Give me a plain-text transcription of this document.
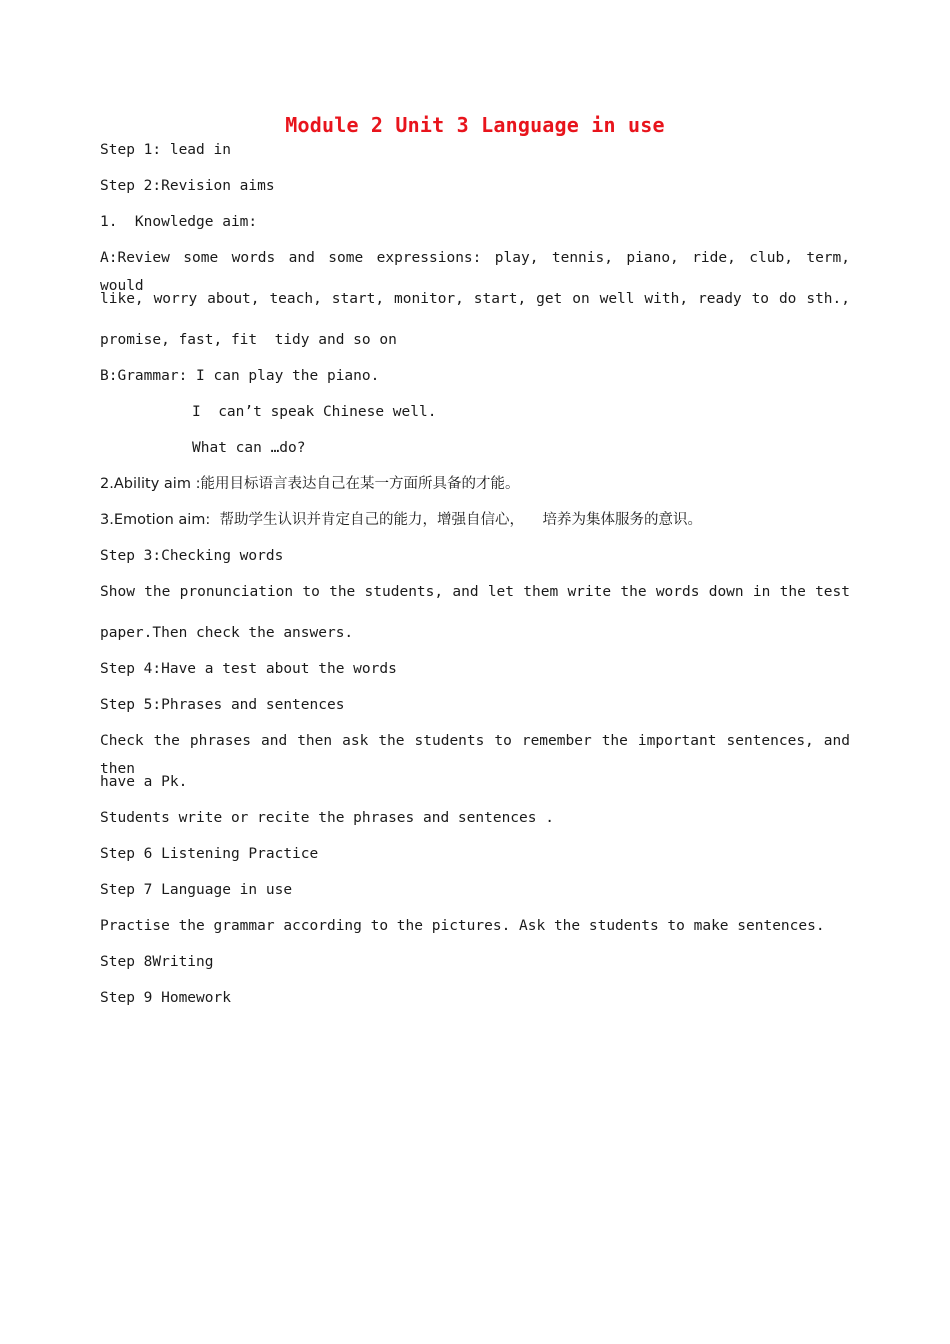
Module 2 Unit 3 Language in use
Step 1: lead in
Step 2:Revision aims
1.  Knowledge aim:
A:Review some words and some expressions: play, tennis, piano, ride, club, term, would
like, worry about, teach, start, monitor, start, get on well with, ready to do sth.,
promise, fast, fit  tidy and so on
B:Grammar: I can play the piano.
I  can’t speak Chinese well.
What can …do?
2.Ability aim :能用目标语言表达自己在某一方面所具备的才能。
3.Emotion aim:  帮助学生认识并肯定自己的能力，增强自信心，    培养为集体服务的意识。
Step 3:Checking words
Show the pronunciation to the students, and let them write the words down in the test
paper.Then check the answers.
Step 4:Have a test about the words
Step 5:Phrases and sentences
Check the phrases and then ask the students to remember the important sentences, and then
have a Pk.
Students write or recite the phrases and sentences .
Step 6 Listening Practice
Step 7 Language in use
Practise the grammar according to the pictures. Ask the students to make sentences.
Step 8Writing
Step 9 Homework
